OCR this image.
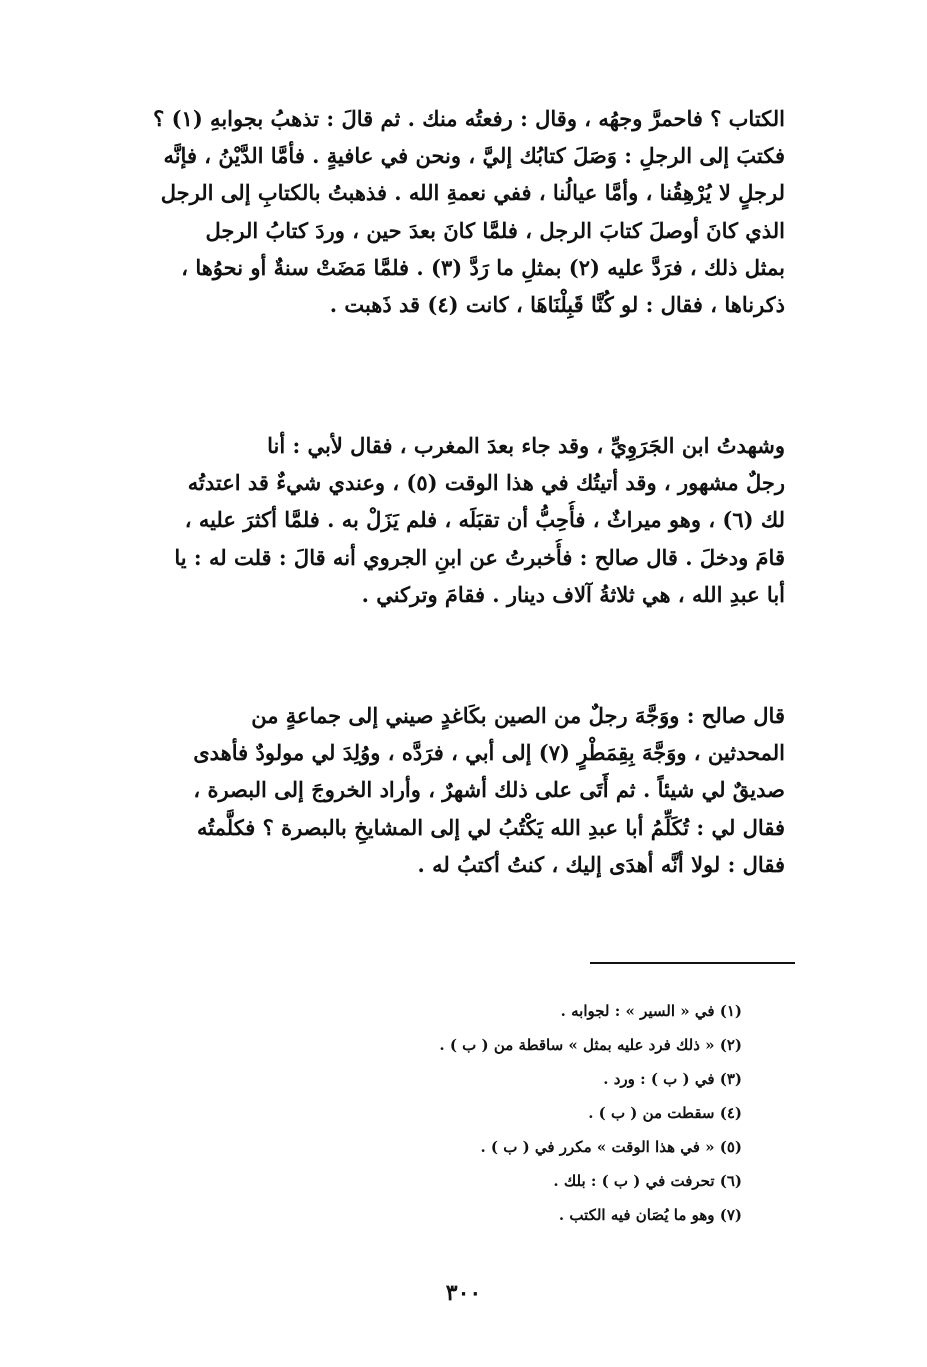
الكتاب ؟ فاحمرَّ وجهُه ، وقال : رفعتُه منك . ثم قالَ : تذهبُ بجوابهِ (١) ؟
فكتبَ إلى الرجلِ : وَصَلَ كتابُك إليَّ ، ونحن في عافيةٍ . فأمَّا الدَّيْنُ ، فإنَّه
لرجلٍ لا يُرْهِقُنا ، وأمَّا عيالُنا ، ففي نعمةِ الله . فذهبتُ بالكتابِ إلى الرجل
الذي كانَ أوصلَ كتابَ الرجل ، فلمَّا كانَ بعدَ حين ، وردَ كتابُ الرجل
بمثل ذلك ، فرَدَّ عليه (٢) بمثلِ ما رَدَّ (٣) . فلمَّا مَضَتْ سنةٌ أو نحوُها ،
ذكرناها ، فقال : لو كُنَّا قَبِلْنَاهَا ، كانت (٤) قد ذَهبت .
وشهدتُ ابن الجَرَوِيِّ ، وقد جاء بعدَ المغرب ، فقال لأبي : أنا
رجلٌ مشهور ، وقد أتيتُك في هذا الوقت (٥) ، وعندي شيءٌ قد اعتدتُه
لك (٦) ، وهو ميراثٌ ، فأُحِبُّ أن تقبَلَه ، فلم يَزَلْ به . فلمَّا أكثرَ عليه ،
قامَ ودخلَ . قال صالح : فأُخبرتُ عن ابنِ الجروي أنه قالَ : قلت له : يا
أبا عبدِ الله ، هي ثلاثةُ آلاف دينار . فقامَ وتركني .
قال صالح : ووَجَّهَ رجلٌ من الصين بكَاغدٍ صيني إلى جماعةٍ من
المحدثين ، ووَجَّهَ بِقِمَطْرٍ (٧) إلى أبي ، فرَدَّه ، ووُلِدَ لي مولودٌ فأهدى
صديقٌ لي شيئاً . ثم أَتَى على ذلك أشهرٌ ، وأراد الخروجَ إلى البصرة ،
فقال لي : تُكَلِّمُ أبا عبدِ الله يَكْتُبُ لي إلى المشايخِ بالبصرة ؟ فكلَّمتُه
فقال : لولا أنَّه أهدَى إليك ، كنتُ أكتبُ له .
(١) في « السير » : لجوابه .
(٢) « ذلك فرد عليه بمثل » ساقطة من ( ب ) .
(٣) في ( ب ) : ورد .
(٤) سقطت من ( ب ) .
(٥) « في هذا الوقت » مكرر في ( ب ) .
(٦) تحرفت في ( ب ) : بلك .
(٧) وهو ما يُصَان فيه الكتب .
٣٠٠
